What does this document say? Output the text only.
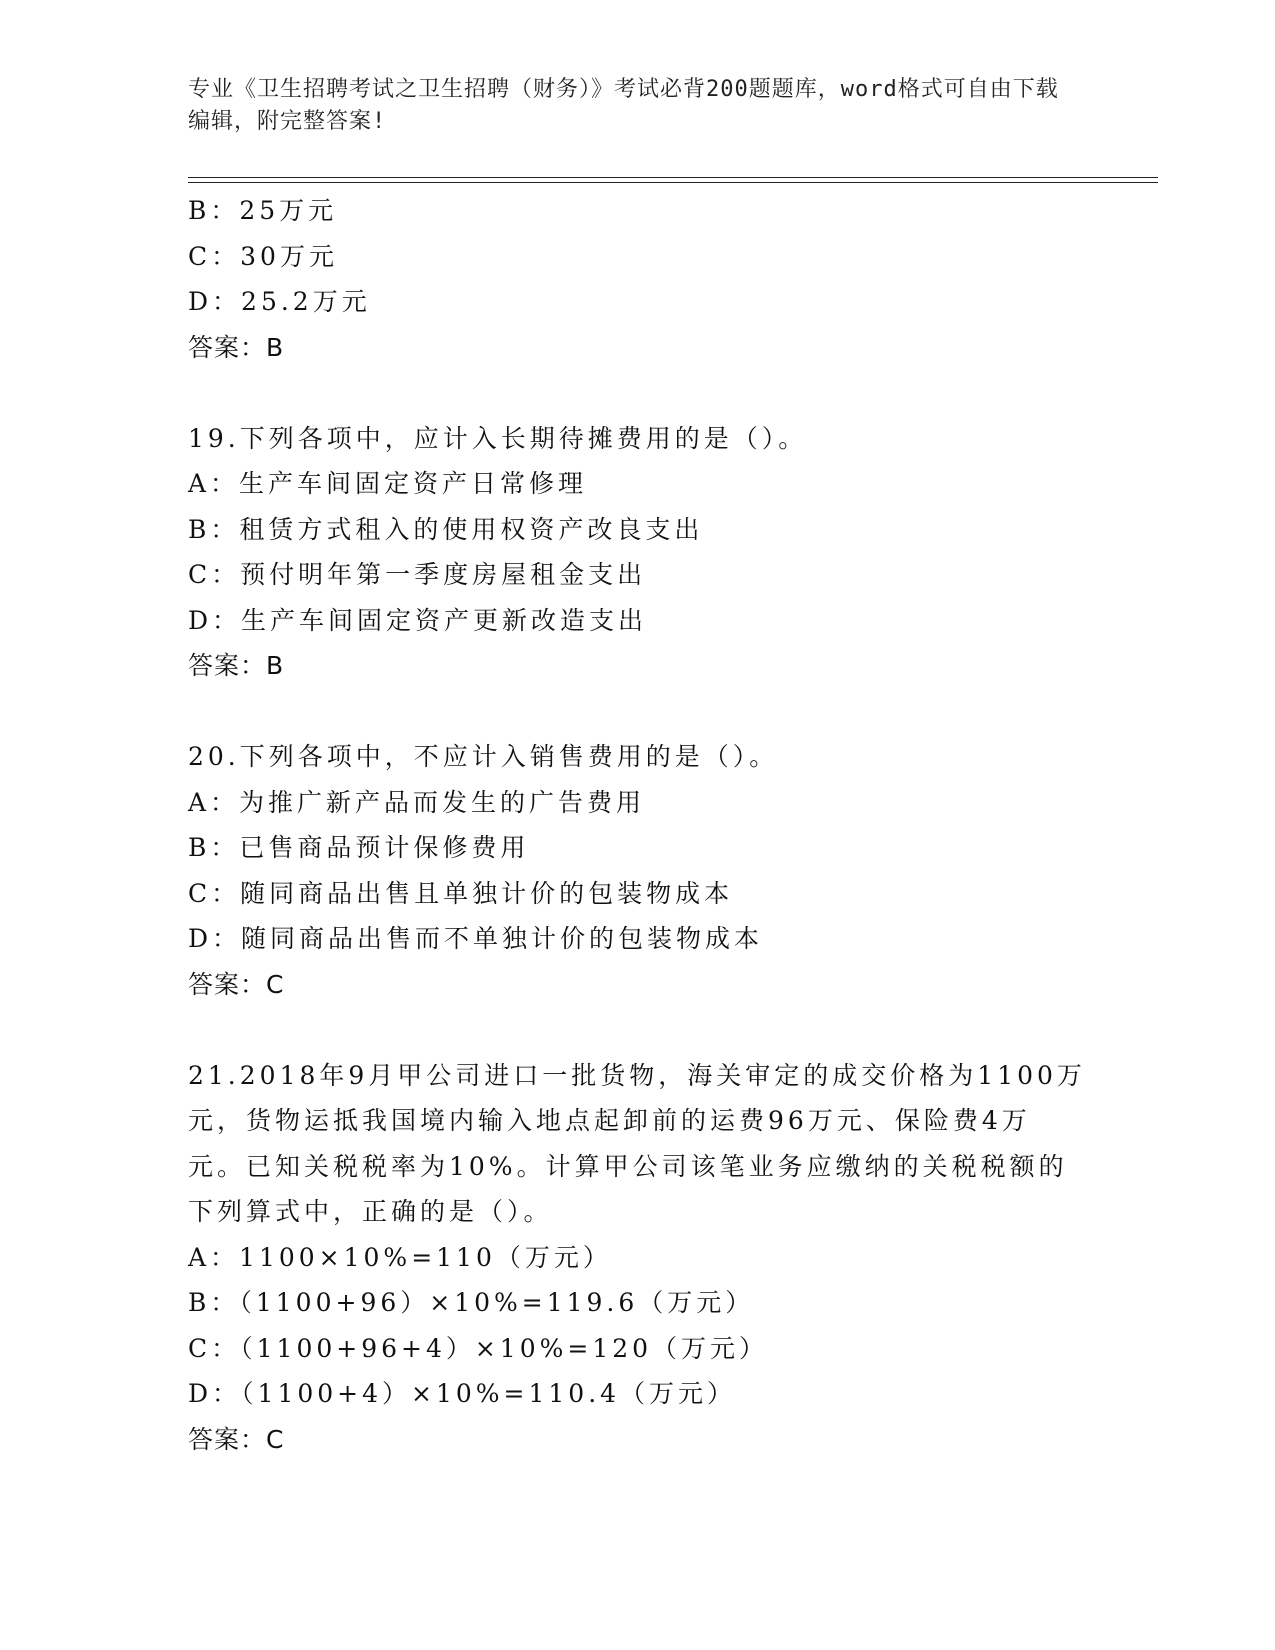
专业《卫生招聘考试之卫生招聘（财务）》考试必背200题题库，word格式可自由下载编辑，附完整答案!
B：25万元
C：30万元
D：25.2万元
答案：B
19.下列各项中，应计入长期待摊费用的是（）。
A：生产车间固定资产日常修理
B：租赁方式租入的使用权资产改良支出
C：预付明年第一季度房屋租金支出
D：生产车间固定资产更新改造支出
答案：B
20.下列各项中，不应计入销售费用的是（）。
A：为推广新产品而发生的广告费用
B：已售商品预计保修费用
C：随同商品出售且单独计价的包装物成本
D：随同商品出售而不单独计价的包装物成本
答案：C
21.2018年9月甲公司进口一批货物，海关审定的成交价格为1100万元，货物运抵我国境内输入地点起卸前的运费96万元、保险费4万元。已知关税税率为10%。计算甲公司该笔业务应缴纳的关税税额的下列算式中，正确的是（）。
A：1100×10%=110（万元）
B：（1100+96）×10%=119.6（万元）
C：（1100+96+4）×10%=120（万元）
D：（1100+4）×10%=110.4（万元）
答案：C
